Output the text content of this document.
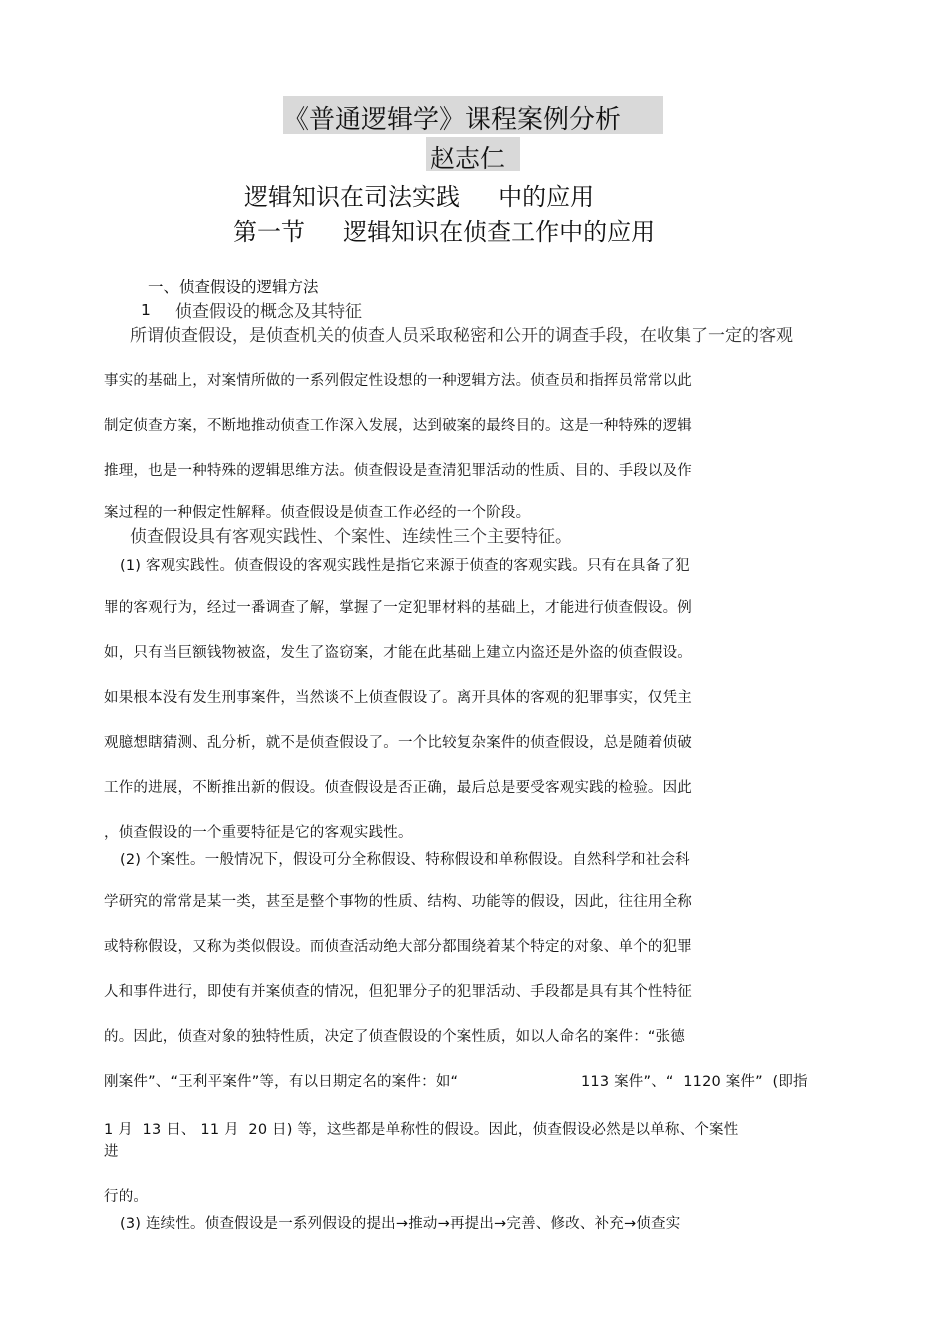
《普通逻辑学》课程案例分析
赵志仁
逻辑知识在司法实践     中的应用
第一节     逻辑知识在侦查工作中的应用
一、侦查假设的逻辑方法
1 侦查假设的概念及其特征
所谓侦查假设，是侦查机关的侦查人员采取秘密和公开的调查手段，在收集了一定的客观
事实的基础上，对案情所做的一系列假定性设想的一种逻辑方法。侦查员和指挥员常常以此
制定侦查方案，不断地推动侦查工作深入发展，达到破案的最终目的。这是一种特殊的逻辑
推理，也是一种特殊的逻辑思维方法。侦查假设是查清犯罪活动的性质、目的、手段以及作
案过程的一种假定性解释。侦查假设是侦查工作必经的一个阶段。
侦查假设具有客观实践性、个案性、连续性三个主要特征。
(1) 客观实践性。侦查假设的客观实践性是指它来源于侦查的客观实践。只有在具备了犯
罪的客观行为，经过一番调查了解，掌握了一定犯罪材料的基础上，才能进行侦查假设。例
如，只有当巨额钱物被盗，发生了盗窃案，才能在此基础上建立内盗还是外盗的侦查假设。
如果根本没有发生刑事案件，当然谈不上侦查假设了。离开具体的客观的犯罪事实，仅凭主
观臆想瞎猜测、乱分析，就不是侦查假设了。一个比较复杂案件的侦查假设，总是随着侦破
工作的进展，不断推出新的假设。侦查假设是否正确，最后总是要受客观实践的检验。因此
，侦查假设的一个重要特征是它的客观实践性。
(2) 个案性。一般情况下，假设可分全称假设、特称假设和单称假设。自然科学和社会科
学研究的常常是某一类，甚至是整个事物的性质、结构、功能等的假设，因此，往往用全称
或特称假设，又称为类似假设。而侦查活动绝大部分都围绕着某个特定的对象、单个的犯罪
人和事件进行，即使有并案侦查的情况，但犯罪分子的犯罪活动、手段都是具有其个性特征
的。因此，侦查对象的独特性质，决定了侦查假设的个案性质，如以人命名的案件：“张德
刚案件”、“王利平案件”等，有以日期定名的案件：如“	113 案件”、“  1120 案件”  (即指
1 月  13 日、 11 月  20 日) 等，这些都是单称性的假设。因此，侦查假设必然是以单称、个案性
进
行的。
(3) 连续性。侦查假设是一系列假设的提出→推动→再提出→完善、修改、补充→侦查实
